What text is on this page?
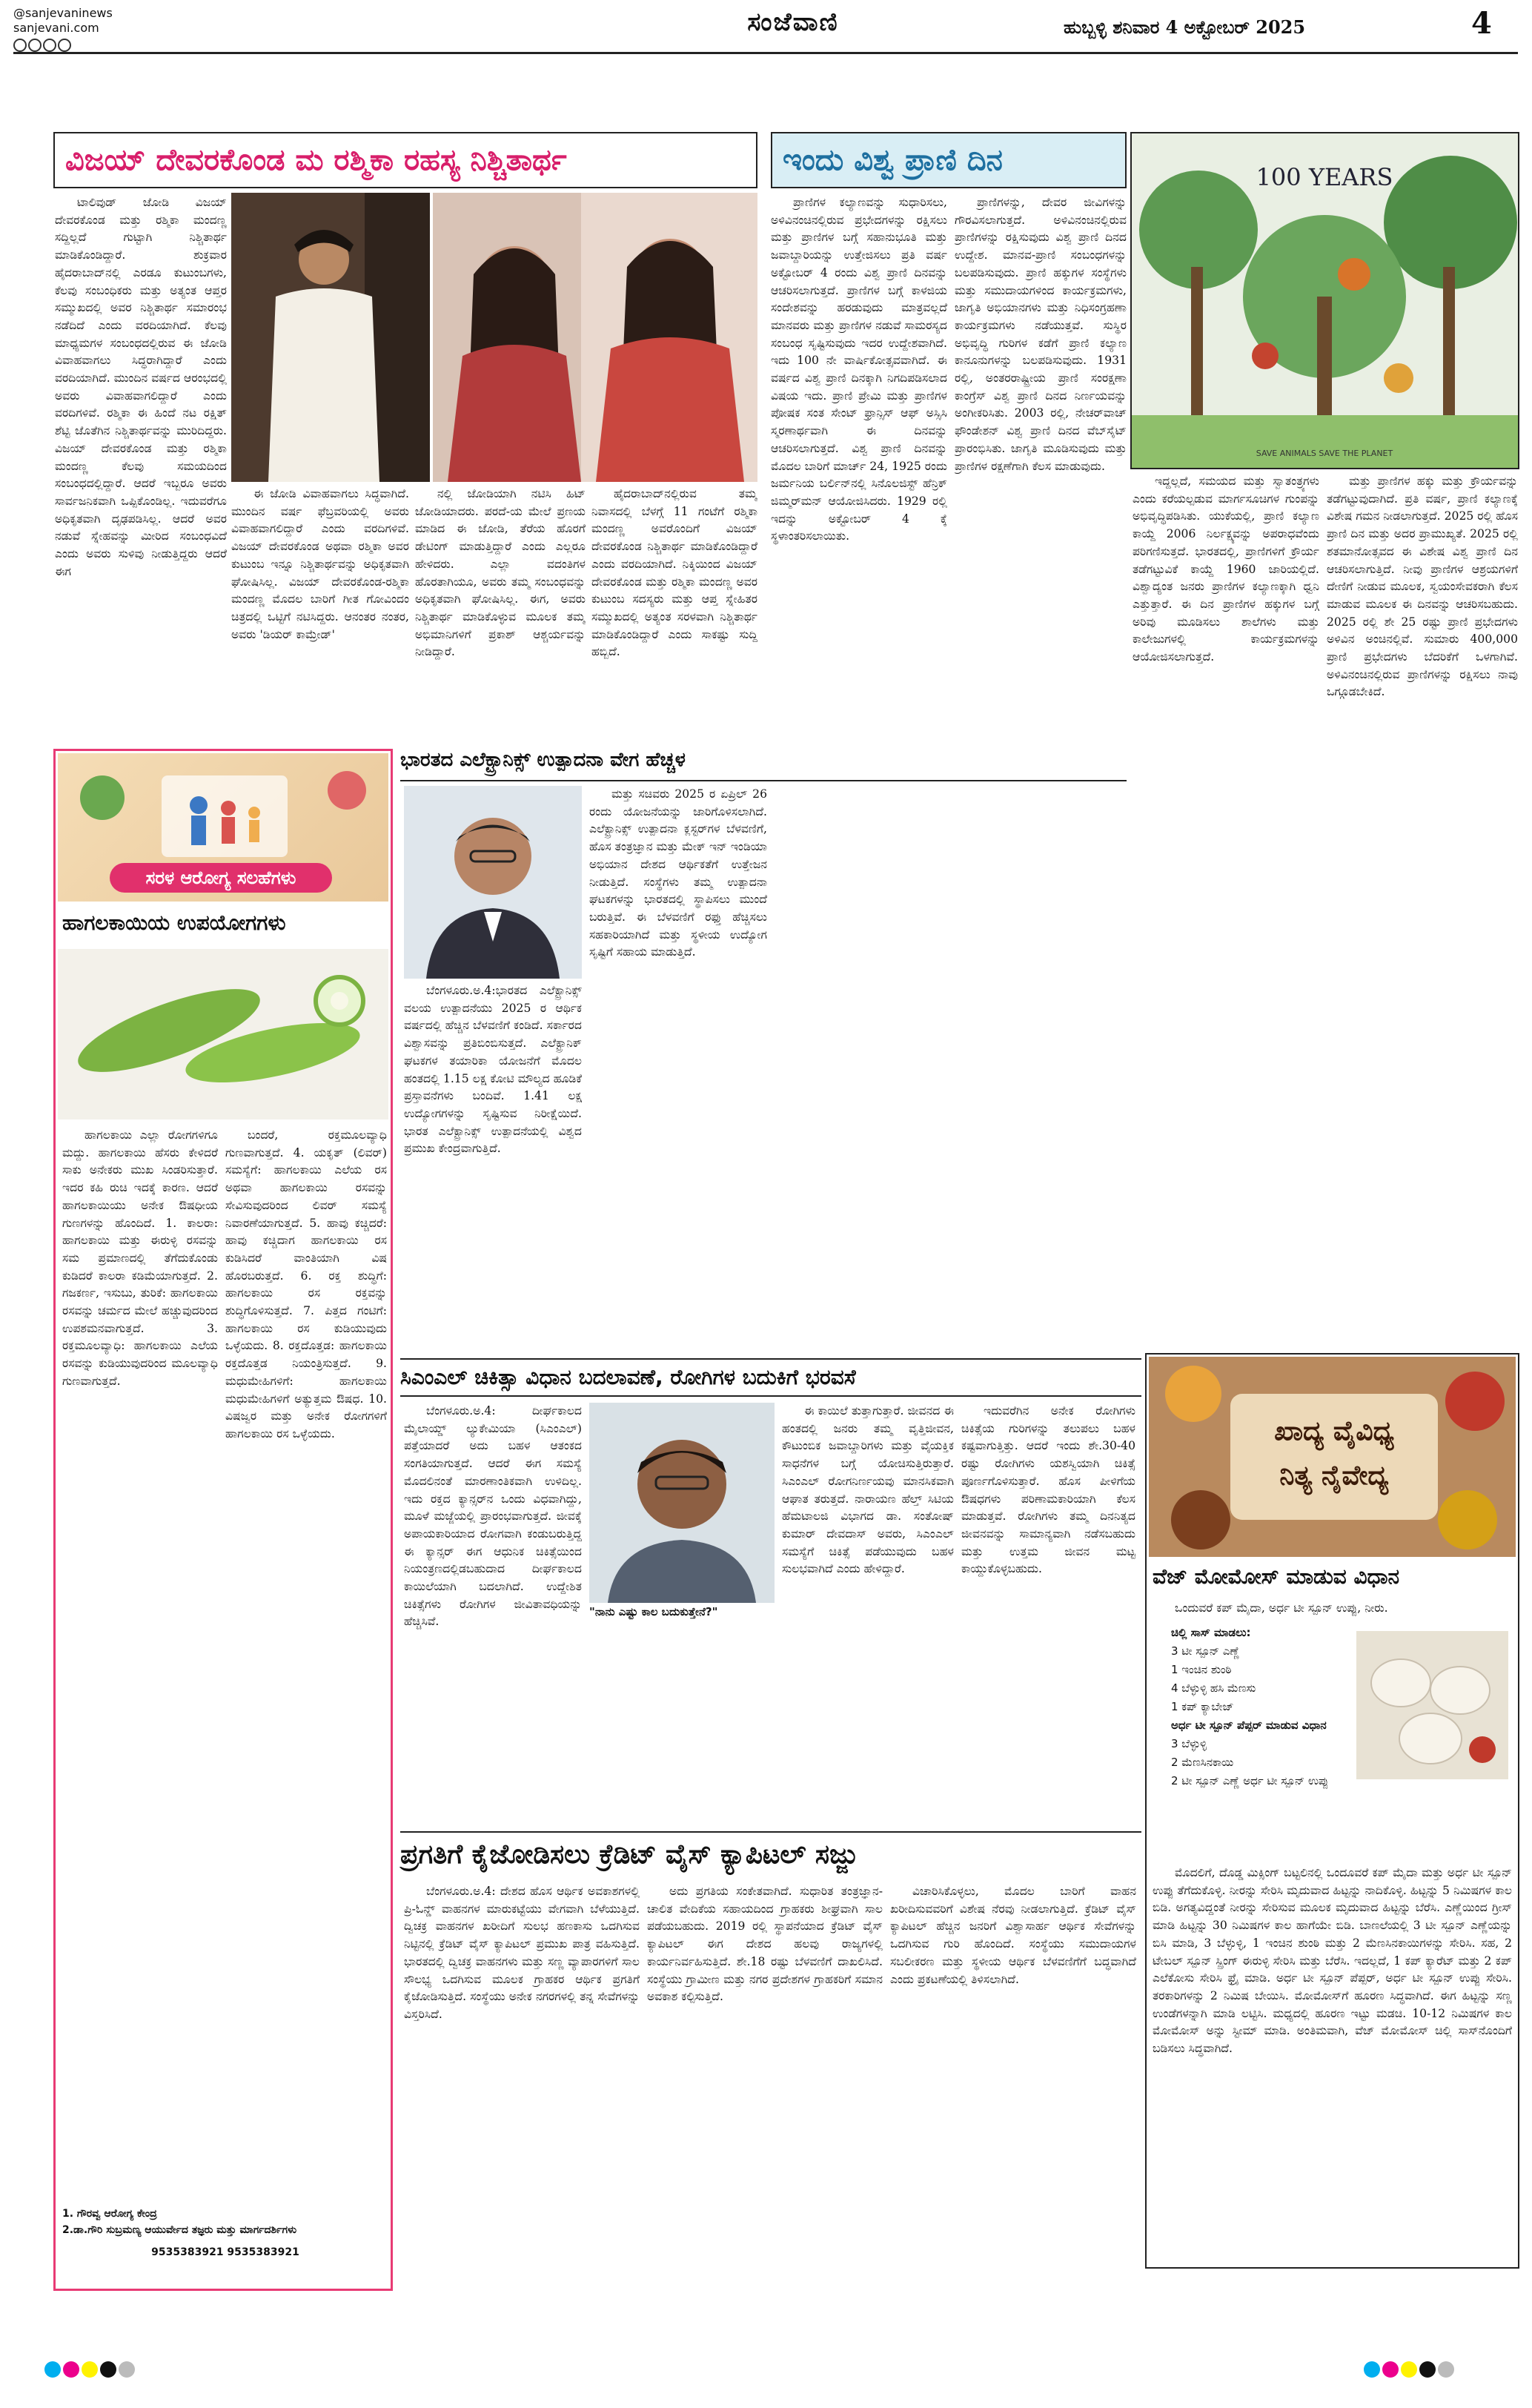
@sanjevaninews
sanjevani.com	ಸಂಜೆವಾಣಿ	ಹುಬ್ಬಳ್ಳಿ ಶನಿವಾರ 4 ಅಕ್ಟೋಬರ್ 2025	4
ವಿಜಯ್ ದೇವರಕೊಂಡ ಮ ರಶ್ಮಿಕಾ ರಹಸ್ಯ ನಿಶ್ಚಿತಾರ್ಥ

ಟಾಲಿವುಡ್ ಜೋಡಿ ವಿಜಯ್ ದೇವರಕೊಂಡ ಮತ್ತು ರಶ್ಮಿಕಾ ಮಂದಣ್ಣ ಸದ್ದಿಲ್ಲದೆ ಗುಟ್ಟಾಗಿ ನಿಶ್ಚಿತಾರ್ಥ ಮಾಡಿಕೊಂಡಿದ್ದಾರೆ. ಶುಕ್ರವಾರ ಹೈದರಾಬಾದ್‌ನಲ್ಲಿ ಎರಡೂ ಕುಟುಂಬಗಳು, ಕೆಲವು ಸಂಬಂಧಿಕರು ಮತ್ತು ಅತ್ಯಂತ ಆಪ್ತರ ಸಮ್ಮುಖದಲ್ಲಿ ಅವರ ನಿಶ್ಚಿತಾರ್ಥ ಸಮಾರಂಭ ನಡೆದಿದೆ ಎಂದು ವರದಿಯಾಗಿದೆ. ಕೆಲವು ಮಾಧ್ಯಮಗಳ ಸಂಬಂಧದಲ್ಲಿರುವ ಈ ಜೋಡಿ ವಿವಾಹವಾಗಲು ಸಿದ್ಧರಾಗಿದ್ದಾರೆ ಎಂದು ವರದಿಯಾಗಿದೆ. ಮುಂದಿನ ವರ್ಷದ ಆರಂಭದಲ್ಲಿ ಅವರು ವಿವಾಹವಾಗಲಿದ್ದಾರೆ ಎಂದು ವರದಿಗಳಿವೆ. ರಶ್ಮಿಕಾ ಈ ಹಿಂದೆ ನಟ ರಕ್ಷಿತ್ ಶೆಟ್ಟಿ ಜೊತೆಗಿನ ನಿಶ್ಚಿತಾರ್ಥವನ್ನು ಮುರಿದಿದ್ದರು. ವಿಜಯ್ ದೇವರಕೊಂಡ ಮತ್ತು ರಶ್ಮಿಕಾ ಮಂದಣ್ಣ ಕೆಲವು ಸಮಯದಿಂದ ಸಂಬಂಧದಲ್ಲಿದ್ದಾರೆ. ಆದರೆ ಇಬ್ಬರೂ ಅವರು ಸಾರ್ವಜನಿಕವಾಗಿ ಒಪ್ಪಿಕೊಂಡಿಲ್ಲ. ಇದುವರೆಗೂ ಅಧಿಕೃತವಾಗಿ ದೃಢಪಡಿಸಿಲ್ಲ. ಆದರೆ ಅವರ ನಡುವೆ ಸ್ನೇಹವನ್ನು ಮೀರಿದ ಸಂಬಂಧವಿದೆ ಎಂದು ಅವರು ಸುಳಿವು ನೀಡುತ್ತಿದ್ದರು ಆದರೆ ಈಗ

ಈ ಜೋಡಿ ವಿವಾಹವಾಗಲು ಸಿದ್ಧವಾಗಿದೆ. ಮುಂದಿನ ವರ್ಷ ಫೆಬ್ರವರಿಯಲ್ಲಿ ಅವರು ವಿವಾಹವಾಗಲಿದ್ದಾರೆ ಎಂದು ವರದಿಗಳಿವೆ. ವಿಜಯ್ ದೇವರಕೊಂಡ ಅಥವಾ ರಶ್ಮಿಕಾ ಅವರ ಕುಟುಂಬ ಇನ್ನೂ ನಿಶ್ಚಿತಾರ್ಥವನ್ನು ಅಧಿಕೃತವಾಗಿ ಘೋಷಿಸಿಲ್ಲ. ವಿಜಯ್ ದೇವರಕೊಂಡ-ರಶ್ಮಿಕಾ ಮಂದಣ್ಣ ಮೊದಲ ಬಾರಿಗೆ ಗೀತ ಗೋವಿಂದಂ ಚಿತ್ರದಲ್ಲಿ ಒಟ್ಟಿಗೆ ನಟಿಸಿದ್ದರು. ಆನಂತರ ನಂತರ, ಅವರು 'ಡಿಯರ್ ಕಾಮ್ರೇಡ್'

ನಲ್ಲಿ ಜೋಡಿಯಾಗಿ ನಟಿಸಿ ಹಿಟ್ ಜೋಡಿಯಾದರು. ಪರದೆ-ಯ ಮೇಲೆ ಪ್ರಣಯ ಮಾಡಿದ ಈ ಜೋಡಿ, ತೆರೆಯ ಹೊರಗೆ ಡೇಟಿಂಗ್ ಮಾಡುತ್ತಿದ್ದಾರೆ ಎಂದು ಎಲ್ಲರೂ ಹೇಳಿದರು. ಎಲ್ಲಾ ವದಂತಿಗಳ ಹೊರತಾಗಿಯೂ, ಅವರು ತಮ್ಮ ಸಂಬಂಧವನ್ನು ಅಧಿಕೃತವಾಗಿ ಘೋಷಿಸಿಲ್ಲ. ಈಗ, ಅವರು ನಿಶ್ಚಿತಾರ್ಥ ಮಾಡಿಕೊಳ್ಳುವ ಮೂಲಕ ತಮ್ಮ ಅಭಿಮಾನಿಗಳಿಗೆ ಪ್ರಕಾಶ್ ಆಶ್ಚರ್ಯವನ್ನು ನೀಡಿದ್ದಾರೆ.

ಹೈದರಾಬಾದ್‌ನಲ್ಲಿರುವ ತಮ್ಮ ನಿವಾಸದಲ್ಲಿ ಬೆಳಗ್ಗೆ 11 ಗಂಟೆಗೆ ರಶ್ಮಿಕಾ ಮಂದಣ್ಣ ಅವರೊಂದಿಗೆ ವಿಜಯ್ ದೇವರಕೊಂಡ ನಿಶ್ಚಿತಾರ್ಥ ಮಾಡಿಕೊಂಡಿದ್ದಾರೆ ಎಂದು ವರದಿಯಾಗಿದೆ. ನಿಕ್ಕಿಯಿಂದ ವಿಜಯ್ ದೇವರಕೊಂಡ ಮತ್ತು ರಶ್ಮಿಕಾ ಮಂದಣ್ಣ ಅವರ ಕುಟುಂಬ ಸದಸ್ಯರು ಮತ್ತು ಆಪ್ತ ಸ್ನೇಹಿತರ ಸಮ್ಮುಖದಲ್ಲಿ ಅತ್ಯಂತ ಸರಳವಾಗಿ ನಿಶ್ಚಿತಾರ್ಥ ಮಾಡಿಕೊಂಡಿದ್ದಾರೆ ಎಂದು ಸಾಕಷ್ಟು ಸುದ್ದಿ ಹಬ್ಬಿದೆ.

ಇಂದು ವಿಶ್ವ ಪ್ರಾಣಿ ದಿನ	100 YEARS
SAVE ANIMALS SAVE THE PLANET

ಪ್ರಾಣಿಗಳ ಕಲ್ಯಾಣವನ್ನು ಸುಧಾರಿಸಲು, ಅಳಿವಿನಂಚಿನಲ್ಲಿರುವ ಪ್ರಭೇದಗಳನ್ನು ರಕ್ಷಿಸಲು ಮತ್ತು ಪ್ರಾಣಿಗಳ ಬಗ್ಗೆ ಸಹಾನುಭೂತಿ ಮತ್ತು ಜವಾಬ್ದಾರಿಯನ್ನು ಉತ್ತೇಜಿಸಲು ಪ್ರತಿ ವರ್ಷ ಅಕ್ಟೋಬರ್ 4 ರಂದು ವಿಶ್ವ ಪ್ರಾಣಿ ದಿನವನ್ನು ಆಚರಿಸಲಾಗುತ್ತದೆ. ಪ್ರಾಣಿಗಳ ಬಗ್ಗೆ ಕಾಳಜಿಯ ಸಂದೇಶವನ್ನು ಹರಡುವುದು ಮಾತ್ರವಲ್ಲದೆ ಮಾನವರು ಮತ್ತು ಪ್ರಾಣಿಗಳ ನಡುವೆ ಸಾಮರಸ್ಯದ ಸಂಬಂಧ ಸೃಷ್ಟಿಸುವುದು ಇದರ ಉದ್ದೇಶವಾಗಿದೆ. ಇದು 100 ನೇ ವಾರ್ಷಿಕೋತ್ಸವವಾಗಿದೆ. ಈ ವರ್ಷದ ವಿಶ್ವ ಪ್ರಾಣಿ ದಿನಕ್ಕಾಗಿ ನಿಗದಿಪಡಿಸಲಾದ ವಿಷಯ ಇದು. ಪ್ರಾಣಿ ಪ್ರೇಮಿ ಮತ್ತು ಪ್ರಾಣಿಗಳ ಪೋಷಕ ಸಂತ ಸೇಂಟ್ ಫ್ರಾನ್ಸಿಸ್ ಆಫ್ ಅಸ್ಸಿಸಿ ಸ್ಮರಣಾರ್ಥವಾಗಿ ಈ ದಿನವನ್ನು ಆಚರಿಸಲಾಗುತ್ತದೆ. ವಿಶ್ವ ಪ್ರಾಣಿ ದಿನವನ್ನು ಮೊದಲ ಬಾರಿಗೆ ಮಾರ್ಚ್ 24, 1925 ರಂದು ಜರ್ಮನಿಯ ಬರ್ಲಿನ್‌ನಲ್ಲಿ ಸಿನೊಲಜಿಸ್ಟ್ ಹೆನ್ರಿಕ್ ಜಿಮ್ಮರ್‌ಮನ್ ಆಯೋಜಿಸಿದರು. 1929 ರಲ್ಲಿ ಇದನ್ನು ಅಕ್ಟೋಬರ್ 4 ಕ್ಕೆ ಸ್ಥಳಾಂತರಿಸಲಾಯಿತು.

ಪ್ರಾಣಿಗಳನ್ನು, ದೇವರ ಜೀವಿಗಳನ್ನು ಗೌರವಿಸಲಾಗುತ್ತದೆ. ಅಳಿವಿನಂಚಿನಲ್ಲಿರುವ ಪ್ರಾಣಿಗಳನ್ನು ರಕ್ಷಿಸುವುದು ವಿಶ್ವ ಪ್ರಾಣಿ ದಿನದ ಉದ್ದೇಶ. ಮಾನವ-ಪ್ರಾಣಿ ಸಂಬಂಧಗಳನ್ನು ಬಲಪಡಿಸುವುದು. ಪ್ರಾಣಿ ಹಕ್ಕುಗಳ ಸಂಸ್ಥೆಗಳು ಮತ್ತು ಸಮುದಾಯಗಳಿಂದ ಕಾರ್ಯಕ್ರಮಗಳು, ಜಾಗೃತಿ ಅಭಿಯಾನಗಳು ಮತ್ತು ನಿಧಿಸಂಗ್ರಹಣಾ ಕಾರ್ಯಕ್ರಮಗಳು ನಡೆಯುತ್ತವೆ. ಸುಸ್ಥಿರ ಅಭಿವೃದ್ಧಿ ಗುರಿಗಳ ಕಡೆಗೆ ಪ್ರಾಣಿ ಕಲ್ಯಾಣ ಕಾನೂನುಗಳನ್ನು ಬಲಪಡಿಸುವುದು. 1931 ರಲ್ಲಿ, ಅಂತರರಾಷ್ಟ್ರೀಯ ಪ್ರಾಣಿ ಸಂರಕ್ಷಣಾ ಕಾಂಗ್ರೆಸ್ ವಿಶ್ವ ಪ್ರಾಣಿ ದಿನದ ನಿರ್ಣಯವನ್ನು ಅಂಗೀಕರಿಸಿತು. 2003 ರಲ್ಲಿ, ನೇಚರ್‌ವಾಚ್ ಫೌಂಡೇಶನ್ ವಿಶ್ವ ಪ್ರಾಣಿ ದಿನದ ವೆಬ್‌ಸೈಟ್ ಪ್ರಾರಂಭಿಸಿತು. ಜಾಗೃತಿ ಮೂಡಿಸುವುದು ಮತ್ತು ಪ್ರಾಣಿಗಳ ರಕ್ಷಣೆಗಾಗಿ ಕೆಲಸ ಮಾಡುವುದು.

ಇದ್ದಲ್ಲದೆ, ಸಮಯದ ಮತ್ತು ಸ್ವಾತಂತ್ರ್ಯಗಳು ಎಂದು ಕರೆಯಲ್ಪಡುವ ಮಾರ್ಗಸೂಚಿಗಳ ಗುಂಪನ್ನು ಅಭಿವೃದ್ಧಿಪಡಿಸಿತು. ಯುಕೆಯಲ್ಲಿ, ಪ್ರಾಣಿ ಕಲ್ಯಾಣ ಕಾಯ್ದೆ 2006 ನಿರ್ಲಕ್ಷ್ಯವನ್ನು ಅಪರಾಧವೆಂದು ಪರಿಗಣಿಸುತ್ತದೆ. ಭಾರತದಲ್ಲಿ, ಪ್ರಾಣಿಗಳಿಗೆ ಕ್ರೌರ್ಯ ತಡೆಗಟ್ಟುವಿಕೆ ಕಾಯ್ದೆ 1960 ಜಾರಿಯಲ್ಲಿದೆ. ವಿಶ್ವಾದ್ಯಂತ ಜನರು ಪ್ರಾಣಿಗಳ ಕಲ್ಯಾಣಕ್ಕಾಗಿ ಧ್ವನಿ ಎತ್ತುತ್ತಾರೆ. ಈ ದಿನ ಪ್ರಾಣಿಗಳ ಹಕ್ಕುಗಳ ಬಗ್ಗೆ ಅರಿವು ಮೂಡಿಸಲು ಶಾಲೆಗಳು ಮತ್ತು ಕಾಲೇಜುಗಳಲ್ಲಿ ಕಾರ್ಯಕ್ರಮಗಳನ್ನು ಆಯೋಜಿಸಲಾಗುತ್ತದೆ.

ಮತ್ತು ಪ್ರಾಣಿಗಳ ಹಕ್ಕು ಮತ್ತು ಕ್ರೌರ್ಯವನ್ನು ತಡೆಗಟ್ಟುವುದಾಗಿದೆ. ಪ್ರತಿ ವರ್ಷ, ಪ್ರಾಣಿ ಕಲ್ಯಾಣಕ್ಕೆ ವಿಶೇಷ ಗಮನ ನೀಡಲಾಗುತ್ತದೆ. 2025 ರಲ್ಲಿ ಹೊಸ ಪ್ರಾಣಿ ದಿನ ಮತ್ತು ಅದರ ಪ್ರಾಮುಖ್ಯತೆ. 2025 ರಲ್ಲಿ ಶತಮಾನೋತ್ಸವದ ಈ ವಿಶೇಷ ವಿಶ್ವ ಪ್ರಾಣಿ ದಿನ ಆಚರಿಸಲಾಗುತ್ತಿದೆ. ನೀವು ಪ್ರಾಣಿಗಳ ಆಶ್ರಯಗಳಿಗೆ ದೇಣಿಗೆ ನೀಡುವ ಮೂಲಕ, ಸ್ವಯಂಸೇವಕರಾಗಿ ಕೆಲಸ ಮಾಡುವ ಮೂಲಕ ಈ ದಿನವನ್ನು ಆಚರಿಸಬಹುದು. 2025 ರಲ್ಲಿ ಶೇ 25 ರಷ್ಟು ಪ್ರಾಣಿ ಪ್ರಭೇದಗಳು ಅಳಿವಿನ ಅಂಚಿನಲ್ಲಿವೆ. ಸುಮಾರು 400,000 ಪ್ರಾಣಿ ಪ್ರಭೇದಗಳು ಬೆದರಿಕೆಗೆ ಒಳಗಾಗಿವೆ. ಅಳಿವಿನಂಚಿನಲ್ಲಿರುವ ಪ್ರಾಣಿಗಳನ್ನು ರಕ್ಷಿಸಲು ನಾವು ಒಗ್ಗೂಡಬೇಕಿದೆ.

ಸರಳ ಆರೋಗ್ಯ ಸಲಹೆಗಳು
ಹಾಗಲಕಾಯಿಯ ಉಪಯೋಗಗಳು

ಹಾಗಲಕಾಯಿ ಎಲ್ಲಾ ರೋಗಗಳಿಗೂ ಮದ್ದು. ಹಾಗಲಕಾಯಿ ಹೆಸರು ಕೇಳಿದರೆ ಸಾಕು ಅನೇಕರು ಮುಖ ಸಿಂಡರಿಸುತ್ತಾರೆ. ಇದರ ಕಹಿ ರುಚಿ ಇದಕ್ಕೆ ಕಾರಣ. ಆದರೆ ಹಾಗಲಕಾಯಿಯು ಅನೇಕ ಔಷಧೀಯ ಗುಣಗಳನ್ನು ಹೊಂದಿದೆ. 1. ಕಾಲರಾ: ಹಾಗಲಕಾಯಿ ಮತ್ತು ಈರುಳ್ಳಿ ರಸವನ್ನು ಸಮ ಪ್ರಮಾಣದಲ್ಲಿ ತೆಗೆದುಕೊಂಡು ಕುಡಿದರೆ ಕಾಲರಾ ಕಡಿಮೆಯಾಗುತ್ತದೆ. 2. ಗಜಕರ್ಣ, ಇಸುಬು, ತುರಿಕೆ: ಹಾಗಲಕಾಯಿ ರಸವನ್ನು ಚರ್ಮದ ಮೇಲೆ ಹಚ್ಚುವುದರಿಂದ ಉಪಶಮನವಾಗುತ್ತದೆ. 3. ರಕ್ತಮೂಲವ್ಯಾಧಿ: ಹಾಗಲಕಾಯಿ ಎಲೆಯ ರಸವನ್ನು ಕುಡಿಯುವುದರಿಂದ ಮೂಲವ್ಯಾಧಿ ಗುಣವಾಗುತ್ತದೆ.

ಬಂದರೆ, ರಕ್ತಮೂಲವ್ಯಾಧಿ ಗುಣವಾಗುತ್ತದೆ. 4. ಯಕೃತ್ (ಲಿವರ್) ಸಮಸ್ಯೆಗೆ: ಹಾಗಲಕಾಯಿ ಎಲೆಯ ರಸ ಅಥವಾ ಹಾಗಲಕಾಯಿ ರಸವನ್ನು ಸೇವಿಸುವುದರಿಂದ ಲಿವರ್ ಸಮಸ್ಯೆ ನಿವಾರಣೆಯಾಗುತ್ತದೆ. 5. ಹಾವು ಕಚ್ಚಿದರೆ: ಹಾವು ಕಚ್ಚಿದಾಗ ಹಾಗಲಕಾಯಿ ರಸ ಕುಡಿಸಿದರೆ ವಾಂತಿಯಾಗಿ ವಿಷ ಹೊರಬರುತ್ತದೆ. 6. ರಕ್ತ ಶುದ್ಧಿಗೆ: ಹಾಗಲಕಾಯಿ ರಸ ರಕ್ತವನ್ನು ಶುದ್ಧಿಗೊಳಿಸುತ್ತದೆ. 7. ಪಿತ್ತದ ಗಂಟಿಗೆ: ಹಾಗಲಕಾಯಿ ರಸ ಕುಡಿಯುವುದು ಒಳ್ಳೆಯದು. 8. ರಕ್ತದೊತ್ತಡ: ಹಾಗಲಕಾಯಿ ರಕ್ತದೊತ್ತಡ ನಿಯಂತ್ರಿಸುತ್ತದೆ. 9. ಮಧುಮೇಹಿಗಳಿಗೆ: ಹಾಗಲಕಾಯಿ ಮಧುಮೇಹಿಗಳಿಗೆ ಅತ್ಯುತ್ತಮ ಔಷಧ. 10. ವಿಷಜ್ವರ ಮತ್ತು ಅನೇಕ ರೋಗಗಳಿಗೆ ಹಾಗಲಕಾಯಿ ರಸ ಒಳ್ಳೆಯದು.

1. ಗೌರವ್ವ ಆರೋಗ್ಯ ಕೇಂದ್ರ
2.ಡಾ.ಗೌರಿ ಸುಬ್ರಮಣ್ಯ ಆಯುರ್ವೇದ ತಜ್ಞರು ಮತ್ತು ಮಾರ್ಗದರ್ಶಿಗಳು
9535383921 9535383921
ಭಾರತದ ಎಲೆಕ್ಟ್ರಾನಿಕ್ಸ್ ಉತ್ಪಾದನಾ ವೇಗ ಹೆಚ್ಚಳ

ಬೆಂಗಳೂರು.ಅ.4:ಭಾರತದ ಎಲೆಕ್ಟ್ರಾನಿಕ್ಸ್ ವಲಯ ಉತ್ಪಾದನೆಯು 2025 ರ ಆರ್ಥಿಕ ವರ್ಷದಲ್ಲಿ ಹೆಚ್ಚಿನ ಬೆಳವಣಿಗೆ ಕಂಡಿದೆ. ಸರ್ಕಾರದ ವಿಶ್ವಾಸವನ್ನು ಪ್ರತಿಬಿಂಬಿಸುತ್ತದೆ. ಎಲೆಕ್ಟ್ರಾನಿಕ್ ಘಟಕಗಳ ತಯಾರಿಕಾ ಯೋಜನೆಗೆ ಮೊದಲ ಹಂತದಲ್ಲಿ 1.15 ಲಕ್ಷ ಕೋಟಿ ಮೌಲ್ಯದ ಹೂಡಿಕೆ ಪ್ರಸ್ತಾವನೆಗಳು ಬಂದಿವೆ. 1.41 ಲಕ್ಷ ಉದ್ಯೋಗಗಳನ್ನು ಸೃಷ್ಟಿಸುವ ನಿರೀಕ್ಷೆಯಿದೆ. ಭಾರತ ಎಲೆಕ್ಟ್ರಾನಿಕ್ಸ್ ಉತ್ಪಾದನೆಯಲ್ಲಿ ವಿಶ್ವದ ಪ್ರಮುಖ ಕೇಂದ್ರವಾಗುತ್ತಿದೆ.

ಮತ್ತು ಸಚಿವರು 2025 ರ ಏಪ್ರಿಲ್ 26 ರಂದು ಯೋಜನೆಯನ್ನು ಜಾರಿಗೊಳಿಸಲಾಗಿದೆ. ಎಲೆಕ್ಟ್ರಾನಿಕ್ಸ್ ಉತ್ಪಾದನಾ ಕ್ಲಸ್ಟರ್‌ಗಳ ಬೆಳವಣಿಗೆ, ಹೊಸ ತಂತ್ರಜ್ಞಾನ ಮತ್ತು ಮೇಕ್ ಇನ್ ಇಂಡಿಯಾ ಅಭಿಯಾನ ದೇಶದ ಆರ್ಥಿಕತೆಗೆ ಉತ್ತೇಜನ ನೀಡುತ್ತಿದೆ. ಸಂಸ್ಥೆಗಳು ತಮ್ಮ ಉತ್ಪಾದನಾ ಘಟಕಗಳನ್ನು ಭಾರತದಲ್ಲಿ ಸ್ಥಾಪಿಸಲು ಮುಂದೆ ಬರುತ್ತಿವೆ. ಈ ಬೆಳವಣಿಗೆ ರಫ್ತು ಹೆಚ್ಚಿಸಲು ಸಹಕಾರಿಯಾಗಿದೆ ಮತ್ತು ಸ್ಥಳೀಯ ಉದ್ಯೋಗ ಸೃಷ್ಟಿಗೆ ಸಹಾಯ ಮಾಡುತ್ತಿದೆ.

ಸಿಎಂಎಲ್ ಚಿಕಿತ್ಸಾ ವಿಧಾನ ಬದಲಾವಣೆ, ರೋಗಿಗಳ ಬದುಕಿಗೆ ಭರವಸೆ

ಬೆಂಗಳೂರು.ಅ.4: ದೀರ್ಘಕಾಲದ ಮೈಲಾಯ್ಡ್ ಲ್ಯುಕೇಮಿಯಾ (ಸಿಎಂಎಲ್) ಪತ್ತೆಯಾದರೆ ಅದು ಬಹಳ ಆತಂಕದ ಸಂಗತಿಯಾಗುತ್ತದೆ. ಆದರೆ ಈಗ ಸಮಸ್ಯೆ ಮೊದಲಿನಂತೆ ಮಾರಣಾಂತಿಕವಾಗಿ ಉಳಿದಿಲ್ಲ. ಇದು ರಕ್ತದ ಕ್ಯಾನ್ಸರ್‌ನ ಒಂದು ವಿಧವಾಗಿದ್ದು, ಮೂಳೆ ಮಜ್ಜೆಯಲ್ಲಿ ಪ್ರಾರಂಭವಾಗುತ್ತದೆ. ಜೀವಕ್ಕೆ ಅಪಾಯಕಾರಿಯಾದ ರೋಗವಾಗಿ ಕಂಡುಬರುತ್ತಿದ್ದ ಈ ಕ್ಯಾನ್ಸರ್ ಈಗ ಆಧುನಿಕ ಚಿಕಿತ್ಸೆಯಿಂದ ನಿಯಂತ್ರಣದಲ್ಲಿಡಬಹುದಾದ ದೀರ್ಘಕಾಲದ ಕಾಯಿಲೆಯಾಗಿ ಬದಲಾಗಿದೆ. ಉದ್ದೇಶಿತ ಚಿಕಿತ್ಸೆಗಳು ರೋಗಿಗಳ ಜೀವಿತಾವಧಿಯನ್ನು ಹೆಚ್ಚಿಸಿವೆ.

"ನಾನು ಎಷ್ಟು ಕಾಲ ಬದುಕುತ್ತೇನೆ?"

ಈ ಕಾಯಿಲೆ ತುತ್ತಾಗುತ್ತಾರೆ. ಜೀವನದ ಈ ಹಂತದಲ್ಲಿ ಜನರು ತಮ್ಮ ವೃತ್ತಿಜೀವನ, ಕೌಟುಂಬಿಕ ಜವಾಬ್ದಾರಿಗಳು ಮತ್ತು ವೈಯಕ್ತಿಕ ಸಾಧನೆಗಳ ಬಗ್ಗೆ ಯೋಚಿಸುತ್ತಿರುತ್ತಾರೆ. ಸಿಎಂಎಲ್ ರೋಗನಿರ್ಣಯವು ಮಾನಸಿಕವಾಗಿ ಆಘಾತ ತರುತ್ತದೆ. ನಾರಾಯಣ ಹೆಲ್ತ್ ಸಿಟಿಯ ಹೆಮಟಾಲಜಿ ವಿಭಾಗದ ಡಾ. ಸಂತೋಷ್ ಕುಮಾರ್ ದೇವದಾಸ್ ಅವರು, ಸಿಎಂಎಲ್ ಸಮಸ್ಯೆಗೆ ಚಿಕಿತ್ಸೆ ಪಡೆಯುವುದು ಬಹಳ ಸುಲಭವಾಗಿದೆ ಎಂದು ಹೇಳಿದ್ದಾರೆ.

ಇದುವರೆಗಿನ ಅನೇಕ ರೋಗಿಗಳು ಚಿಕಿತ್ಸೆಯ ಗುರಿಗಳನ್ನು ತಲುಪಲು ಬಹಳ ಕಷ್ಟವಾಗುತ್ತಿತ್ತು. ಆದರೆ ಇಂದು ಶೇ.30-40 ರಷ್ಟು ರೋಗಿಗಳು ಯಶಸ್ವಿಯಾಗಿ ಚಿಕಿತ್ಸೆ ಪೂರ್ಣಗೊಳಿಸುತ್ತಾರೆ. ಹೊಸ ಪೀಳಿಗೆಯ ಔಷಧಗಳು ಪರಿಣಾಮಕಾರಿಯಾಗಿ ಕೆಲಸ ಮಾಡುತ್ತವೆ. ರೋಗಿಗಳು ತಮ್ಮ ದಿನನಿತ್ಯದ ಜೀವನವನ್ನು ಸಾಮಾನ್ಯವಾಗಿ ನಡೆಸಬಹುದು ಮತ್ತು ಉತ್ತಮ ಜೀವನ ಮಟ್ಟ ಕಾಯ್ದುಕೊಳ್ಳಬಹುದು.

ಖಾದ್ಯ ವೈವಿಧ್ಯ
ನಿತ್ಯ ನೈವೇದ್ಯ
ವೆಜ್ ಮೋಮೋಸ್ ಮಾಡುವ ವಿಧಾನ

ಒಂದುವರೆ ಕಪ್ ಮೈದಾ, ಅರ್ಧ ಟೀ ಸ್ಪೂನ್ ಉಪ್ಪು, ನೀರು.

ಚಿಲ್ಲಿ ಸಾಸ್ ಮಾಡಲು:
3 ಟೀ ಸ್ಪೂನ್ ಎಣ್ಣೆ
1 ಇಂಚಿನ ಶುಂಠಿ
4 ಬೆಳ್ಳುಳ್ಳಿ ಹಸಿ ಮೆಣಸು
1 ಕಪ್ ಕ್ಯಾಬೇಜ್
ಅರ್ಧ ಟೀ ಸ್ಪೂನ್ ಪೆಪ್ಪರ್ ಮಾಡುವ ವಿಧಾನ
3 ಬೆಳ್ಳುಳ್ಳಿ
2 ಮೆಣಸಿನಕಾಯಿ
2 ಟೀ ಸ್ಪೂನ್ ಎಣ್ಣೆ ಅರ್ಧ ಟೀ ಸ್ಪೂನ್ ಉಪ್ಪು

ಮೊದಲಿಗೆ, ದೊಡ್ಡ ಮಿಕ್ಸಿಂಗ್ ಬಟ್ಟಲಿನಲ್ಲಿ ಒಂದೂವರೆ ಕಪ್ ಮೈದಾ ಮತ್ತು ಅರ್ಧ ಟೀ ಸ್ಪೂನ್ ಉಪ್ಪು ತೆಗೆದುಕೊಳ್ಳಿ. ನೀರನ್ನು ಸೇರಿಸಿ ಮೃದುವಾದ ಹಿಟ್ಟನ್ನು ನಾದಿಕೊಳ್ಳಿ. ಹಿಟ್ಟನ್ನು 5 ನಿಮಿಷಗಳ ಕಾಲ ಬಿಡಿ. ಅಗತ್ಯವಿದ್ದಂತೆ ನೀರನ್ನು ಸೇರಿಸುವ ಮೂಲಕ ಮೃದುವಾದ ಹಿಟ್ಟನ್ನು ಬೆರೆಸಿ. ಎಣ್ಣೆಯಿಂದ ಗ್ರೀಸ್ ಮಾಡಿ ಹಿಟ್ಟನ್ನು 30 ನಿಮಿಷಗಳ ಕಾಲ ಹಾಗೆಯೇ ಬಿಡಿ. ಬಾಣಲೆಯಲ್ಲಿ 3 ಟೀ ಸ್ಪೂನ್ ಎಣ್ಣೆಯನ್ನು ಬಿಸಿ ಮಾಡಿ, 3 ಬೆಳ್ಳುಳ್ಳಿ, 1 ಇಂಚಿನ ಶುಂಠಿ ಮತ್ತು 2 ಮೆಣಸಿನಕಾಯಿಗಳನ್ನು ಸೇರಿಸಿ. ಸಹ, 2 ಟೇಬಲ್ ಸ್ಪೂನ್ ಸ್ಪ್ರಿಂಗ್ ಈರುಳ್ಳಿ ಸೇರಿಸಿ ಮತ್ತು ಬೆರೆಸಿ. ಇದಲ್ಲದೆ, 1 ಕಪ್ ಕ್ಯಾರೆಟ್ ಮತ್ತು 2 ಕಪ್ ಎಲೆಕೋಸು ಸೇರಿಸಿ ಫ್ರೈ ಮಾಡಿ. ಅರ್ಧ ಟೀ ಸ್ಪೂನ್ ಪೆಪ್ಪರ್, ಅರ್ಧ ಟೀ ಸ್ಪೂನ್ ಉಪ್ಪು ಸೇರಿಸಿ. ತರಕಾರಿಗಳನ್ನು 2 ನಿಮಿಷ ಬೇಯಿಸಿ. ಮೋಮೋಸ್‌ಗೆ ಹೂರಣ ಸಿದ್ಧವಾಗಿದೆ. ಈಗ ಹಿಟ್ಟನ್ನು ಸಣ್ಣ ಉಂಡೆಗಳನ್ನಾಗಿ ಮಾಡಿ ಲಟ್ಟಿಸಿ. ಮಧ್ಯದಲ್ಲಿ ಹೂರಣ ಇಟ್ಟು ಮಡಚಿ. 10-12 ನಿಮಿಷಗಳ ಕಾಲ ಮೋಮೋಸ್ ಅನ್ನು ಸ್ಟೀಮ್ ಮಾಡಿ. ಅಂತಿಮವಾಗಿ, ವೆಜ್ ಮೋಮೋಸ್ ಚಿಲ್ಲಿ ಸಾಸ್‌ನೊಂದಿಗೆ ಬಡಿಸಲು ಸಿದ್ಧವಾಗಿದೆ.

ಪ್ರಗತಿಗೆ ಕೈಜೋಡಿಸಲು ಕ್ರೆಡಿಟ್ ವೈಸ್ ಕ್ಯಾಪಿಟಲ್ ಸಜ್ಜು

ಬೆಂಗಳೂರು.ಅ.4: ದೇಶದ ಹೊಸ ಆರ್ಥಿಕ ಅವಕಾಶಗಳಲ್ಲಿ ಪ್ರಿ-ಓನ್ಡ್ ವಾಹನಗಳ ಮಾರುಕಟ್ಟೆಯು ವೇಗವಾಗಿ ಬೆಳೆಯುತ್ತಿದೆ. ದ್ವಿಚಕ್ರ ವಾಹನಗಳ ಖರೀದಿಗೆ ಸುಲಭ ಹಣಕಾಸು ಒದಗಿಸುವ ನಿಟ್ಟಿನಲ್ಲಿ ಕ್ರೆಡಿಟ್ ವೈಸ್ ಕ್ಯಾಪಿಟಲ್ ಪ್ರಮುಖ ಪಾತ್ರ ವಹಿಸುತ್ತಿದೆ. ಭಾರತದಲ್ಲಿ ದ್ವಿಚಕ್ರ ವಾಹನಗಳು ಮತ್ತು ಸಣ್ಣ ವ್ಯಾಪಾರಗಳಿಗೆ ಸಾಲ ಸೌಲಭ್ಯ ಒದಗಿಸುವ ಮೂಲಕ ಗ್ರಾಹಕರ ಆರ್ಥಿಕ ಪ್ರಗತಿಗೆ ಕೈಜೋಡಿಸುತ್ತಿದೆ. ಸಂಸ್ಥೆಯು ಅನೇಕ ನಗರಗಳಲ್ಲಿ ತನ್ನ ಸೇವೆಗಳನ್ನು ವಿಸ್ತರಿಸಿದೆ.

ಅದು ಪ್ರಗತಿಯ ಸಂಕೇತವಾಗಿದೆ. ಸುಧಾರಿತ ತಂತ್ರಜ್ಞಾನ-ಚಾಲಿತ ವೇದಿಕೆಯ ಸಹಾಯದಿಂದ ಗ್ರಾಹಕರು ಶೀಘ್ರವಾಗಿ ಸಾಲ ಪಡೆಯಬಹುದು. 2019 ರಲ್ಲಿ ಸ್ಥಾಪನೆಯಾದ ಕ್ರೆಡಿಟ್ ವೈಸ್ ಕ್ಯಾಪಿಟಲ್ ಈಗ ದೇಶದ ಹಲವು ರಾಜ್ಯಗಳಲ್ಲಿ ಕಾರ್ಯನಿರ್ವಹಿಸುತ್ತಿದೆ. ಶೇ.18 ರಷ್ಟು ಬೆಳವಣಿಗೆ ದಾಖಲಿಸಿದೆ. ಸಂಸ್ಥೆಯು ಗ್ರಾಮೀಣ ಮತ್ತು ನಗರ ಪ್ರದೇಶಗಳ ಗ್ರಾಹಕರಿಗೆ ಸಮಾನ ಅವಕಾಶ ಕಲ್ಪಿಸುತ್ತಿದೆ.

ವಿಚಾರಿಸಿಕೊಳ್ಳಲು, ಮೊದಲ ಬಾರಿಗೆ ವಾಹನ ಖರೀದಿಸುವವರಿಗೆ ವಿಶೇಷ ನೆರವು ನೀಡಲಾಗುತ್ತಿದೆ. ಕ್ರೆಡಿಟ್ ವೈಸ್ ಕ್ಯಾಪಿಟಲ್ ಹೆಚ್ಚಿನ ಜನರಿಗೆ ವಿಶ್ವಾಸಾರ್ಹ ಆರ್ಥಿಕ ಸೇವೆಗಳನ್ನು ಒದಗಿಸುವ ಗುರಿ ಹೊಂದಿದೆ. ಸಂಸ್ಥೆಯು ಸಮುದಾಯಗಳ ಸಬಲೀಕರಣ ಮತ್ತು ಸ್ಥಳೀಯ ಆರ್ಥಿಕ ಬೆಳವಣಿಗೆಗೆ ಬದ್ಧವಾಗಿದೆ ಎಂದು ಪ್ರಕಟಣೆಯಲ್ಲಿ ತಿಳಿಸಲಾಗಿದೆ.
